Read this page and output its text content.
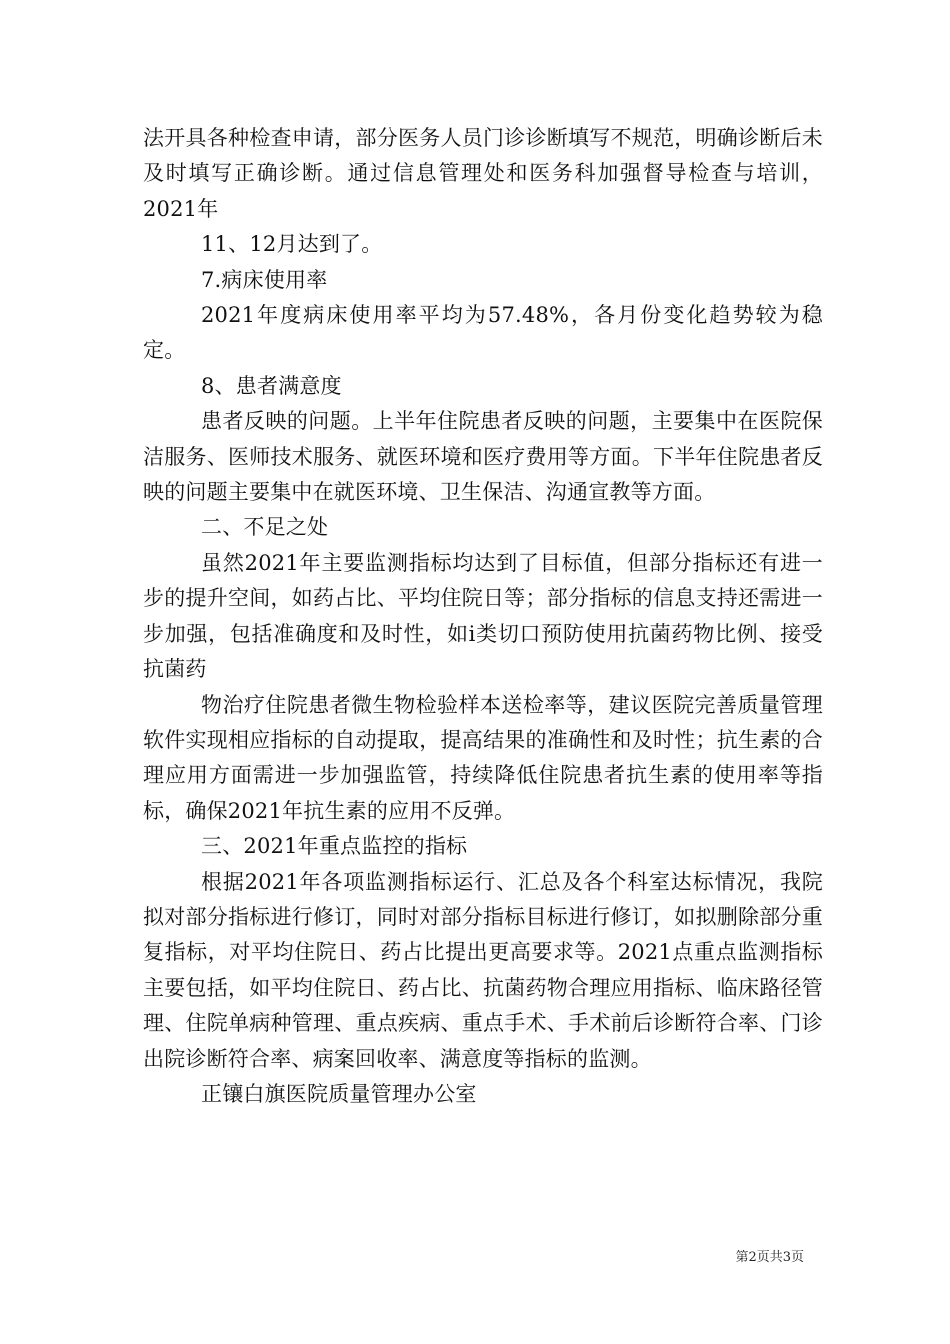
法开具各种检查申请，部分医务人员门诊诊断填写不规范，明确诊断后未及时填写正确诊断。通过信息管理处和医务科加强督导检查与培训，2021年

11、12月达到了。

7.病床使用率

2021年度病床使用率平均为57.48%，各月份变化趋势较为稳定。

8、患者满意度

患者反映的问题。上半年住院患者反映的问题，主要集中在医院保洁服务、医师技术服务、就医环境和医疗费用等方面。下半年住院患者反映的问题主要集中在就医环境、卫生保洁、沟通宣教等方面。

二、不足之处

虽然2021年主要监测指标均达到了目标值，但部分指标还有进一步的提升空间，如药占比、平均住院日等；部分指标的信息支持还需进一步加强，包括准确度和及时性，如ⅰ类切口预防使用抗菌药物比例、接受抗菌药

物治疗住院患者微生物检验样本送检率等，建议医院完善质量管理软件实现相应指标的自动提取，提高结果的准确性和及时性；抗生素的合理应用方面需进一步加强监管，持续降低住院患者抗生素的使用率等指标，确保2021年抗生素的应用不反弹。

三、2021年重点监控的指标

根据2021年各项监测指标运行、汇总及各个科室达标情况，我院拟对部分指标进行修订，同时对部分指标目标进行修订，如拟删除部分重复指标，对平均住院日、药占比提出更高要求等。2021点重点监测指标主要包括，如平均住院日、药占比、抗菌药物合理应用指标、临床路径管理、住院单病种管理、重点疾病、重点手术、手术前后诊断符合率、门诊出院诊断符合率、病案回收率、满意度等指标的监测。

正镶白旗医院质量管理办公室

第2页共3页
